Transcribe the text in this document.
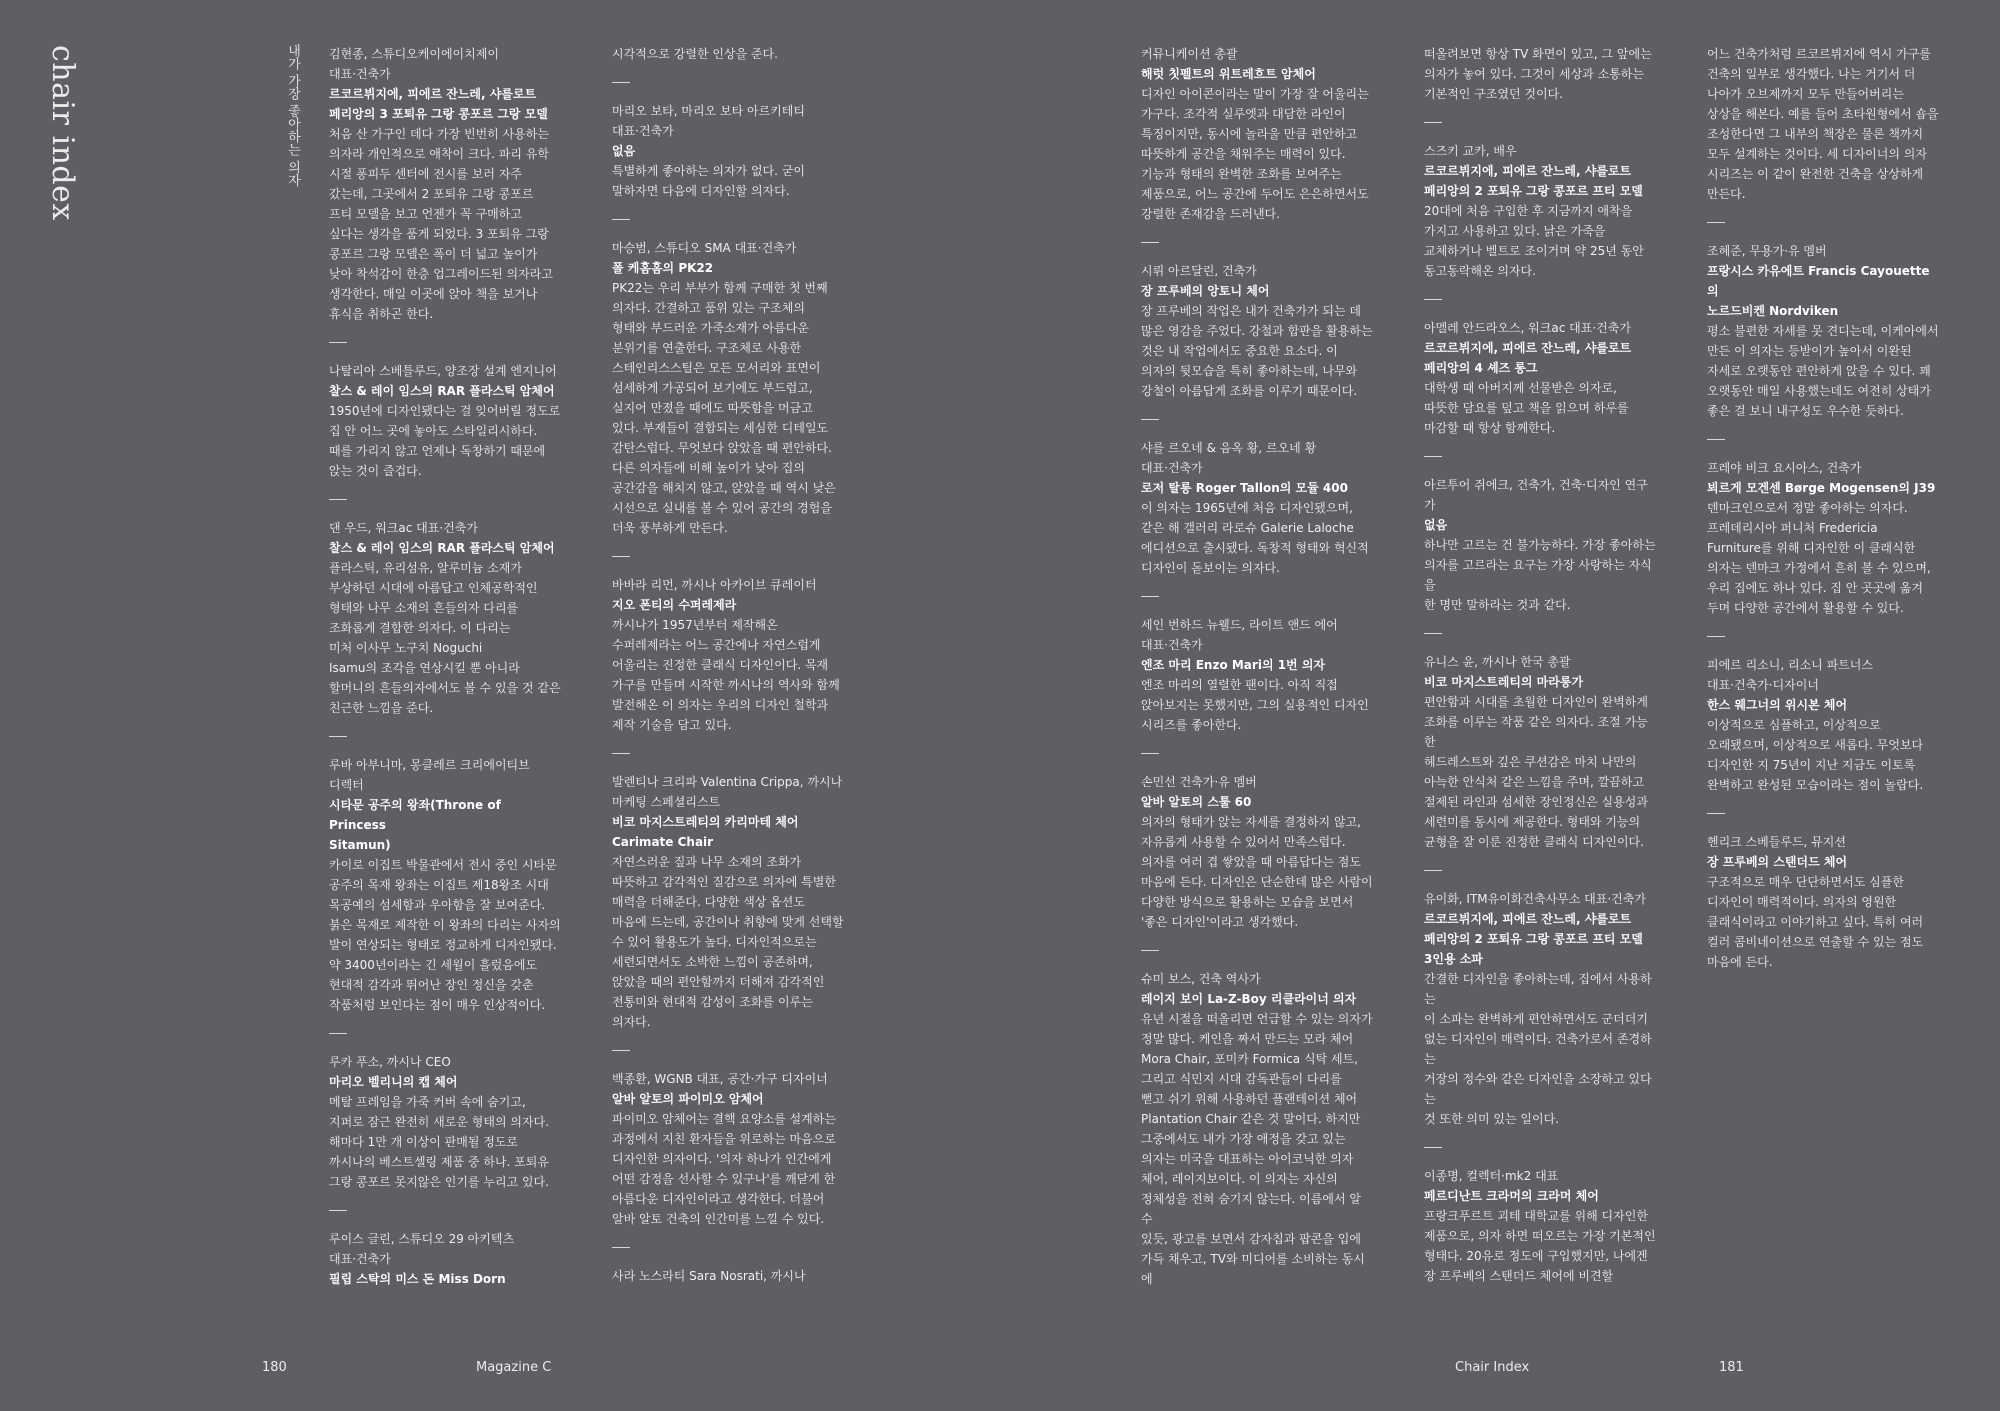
chair index	내가 가장 좋아하는 의자 김현종, 스튜디오케이에이치제이
대표·건축가
르코르뷔지에, 피에르 잔느레, 샤를로트
페리앙의 3 포퇴유 그랑 콩포르 그랑 모델
처음 산 가구인 데다 가장 빈번히 사용하는
의자라 개인적으로 애착이 크다. 파리 유학
시절 퐁피두 센터에 전시를 보러 자주
갔는데, 그곳에서 2 포퇴유 그랑 콩포르
프티 모델을 보고 언젠가 꼭 구매하고
싶다는 생각을 품게 되었다. 3 포퇴유 그랑
콩포르 그랑 모델은 폭이 더 넓고 높이가
낮아 착석감이 한층 업그레이드된 의자라고
생각한다. 매일 이곳에 앉아 책을 보거나
휴식을 취하곤 한다.
나탈리아 스베틀루드, 양조장 설계 엔지니어
찰스 & 레이 임스의 RAR 플라스틱 암체어
1950년에 디자인됐다는 걸 잊어버릴 정도로
집 안 어느 곳에 놓아도 스타일리시하다.
때를 가리지 않고 언제나 독창하기 때문에
앉는 것이 즐겁다.
댄 우드, 워크ac 대표·건축가
찰스 & 레이 임스의 RAR 플라스틱 암체어
플라스틱, 유리섬유, 알루미늄 소재가
부상하던 시대에 아름답고 인체공학적인
형태와 나무 소재의 흔들의자 다리를
조화롭게 결합한 의자다. 이 다리는
미처 이사무 노구치 Noguchi
Isamu의 조각을 연상시킬 뿐 아니라
할머니의 흔들의자에서도 볼 수 있을 것 같은
친근한 느낌을 준다.
루바 아부니마, 몽클레르 크리에이티브
디렉터
시타문 공주의 왕좌(Throne of Princess
Sitamun)
카이로 이집트 박물관에서 전시 중인 시타문
공주의 목재 왕좌는 이집트 제18왕조 시대
목공예의 섬세함과 우아함을 잘 보여준다.
붉은 목재로 제작한 이 왕좌의 다리는 사자의
발이 연상되는 형태로 정교하게 디자인됐다.
약 3400년이라는 긴 세월이 흘렀음에도
현대적 감각과 뛰어난 장인 정신을 갖춘
작품처럼 보인다는 점이 매우 인상적이다.
루카 푸소, 까시나 CEO
마리오 벨리니의 캡 체어
메탈 프레임을 가죽 커버 속에 숨기고,
지퍼로 잠근 완전히 새로운 형태의 의자다.
해마다 1만 개 이상이 판매될 정도로
까시나의 베스트셀링 제품 중 하나. 포퇴유
그랑 콩포르 못지않은 인기를 누리고 있다.
루이스 글린, 스튜디오 29 아키텍츠
대표·건축가
필립 스탁의 미스 돈 Miss Dorn
시각적으로 강렬한 인상을 준다.
마리오 보타, 마리오 보타 아르키테티
대표·건축가
없음
특별하게 좋아하는 의자가 없다. 굳이
말하자면 다음에 디자인할 의자다.
마승범, 스튜디오 SMA 대표·건축가
폴 케홈홈의 PK22
PK22는 우리 부부가 함께 구매한 첫 번째
의자다. 간결하고 품위 있는 구조체의
형태와 부드러운 가죽소재가 아름다운
분위기를 연출한다. 구조체로 사용한
스테인리스스틸은 모든 모서리와 표면이
섬세하게 가공되어 보기에도 부드럽고,
실지어 만졌을 때에도 따뜻함을 머금고
있다. 부재들이 결합되는 세심한 디테일도
감탄스럽다. 무엇보다 앉았을 때 편안하다.
다른 의자들에 비해 높이가 낮아 집의
공간감을 해치지 않고, 앉았을 때 역시 낮은
시선으로 실내를 볼 수 있어 공간의 경험을
더욱 풍부하게 만든다.
바바라 리먼, 까시나 아카이브 큐레이터
지오 폰티의 수퍼레제라
까시나가 1957년부터 제작해온
수퍼레제라는 어느 공간에나 자연스럽게
어울리는 진정한 클래식 디자인이다. 목재
가구를 만들며 시작한 까시나의 역사와 함께
발전해온 이 의자는 우리의 디자인 철학과
제작 기술을 담고 있다.
발렌티나 크리파 Valentina Crippa, 까시나
마케팅 스페셜리스트
비코 마지스트레티의 카리마테 체어
Carimate Chair
자연스러운 짚과 나무 소재의 조화가
따뜻하고 감각적인 질감으로 의자에 특별한
매력을 더해준다. 다양한 색상 옵션도
마음에 드는데, 공간이나 취향에 맞게 선택할
수 있어 활용도가 높다. 디자인적으로는
세련되면서도 소박한 느낌이 공존하며,
앉았을 때의 편안함까지 더해져 감각적인
전통미와 현대적 감성이 조화를 이루는
의자다.
백종환, WGNB 대표, 공간·가구 디자이너
알바 알토의 파이미오 암체어
파이미오 암체어는 결핵 요양소를 설계하는
과정에서 지친 환자들을 위로하는 마음으로
디자인한 의자이다. '의자 하나가 인간에게
어떤 감정을 선사할 수 있구나'를 깨닫게 한
아름다운 디자인이라고 생각한다. 더불어
알바 알토 건축의 인간미를 느낄 수 있다.
사라 노스라티 Sara Nosrati, 까시나
커뮤니케이션 총괄
해럿 칫펠트의 위트레흐트 암체어
디자인 아이콘이라는 말이 가장 잘 어울리는
가구다. 조각적 실루엣과 대담한 라인이
특징이지만, 동시에 놀라울 만큼 편안하고
따뜻하게 공간을 채워주는 매력이 있다.
기능과 형태의 완벽한 조화를 보여주는
제품으로, 어느 공간에 두어도 은은하면서도
강렬한 존재감을 드러낸다.
시뤼 아르달린, 건축가
장 프루베의 앙토니 체어
장 프루베의 작업은 내가 건축가가 되는 데
많은 영감을 주었다. 강철과 합판을 활용하는
것은 내 작업에서도 중요한 요소다. 이
의자의 뒷모습을 특히 좋아하는데, 나무와
강철이 아름답게 조화를 이루기 때문이다.
샤를 르오네 & 음옥 황, 르오네 황
대표·건축가
로저 탈롱 Roger Tallon의 모듈 400
이 의자는 1965년에 처음 디자인됐으며,
같은 해 갤러리 라로슈 Galerie Laloche
에디션으로 출시됐다. 독창적 형태와 혁신적
디자인이 돋보이는 의자다.
세인 번하드 뉴웰드, 라이트 앤드 에어
대표·건축가
엔조 마리 Enzo Mari의 1번 의자
엔조 마리의 열렬한 팬이다. 아직 직접
앉아보지는 못했지만, 그의 실용적인 디자인
시리즈를 좋아한다.
손민선 건축가·유 멤버
알바 알토의 스툴 60
의자의 형태가 앉는 자세를 결정하지 않고,
자유롭게 사용할 수 있어서 만족스럽다.
의자를 여러 겹 쌓았을 때 아름답다는 점도
마음에 든다. 디자인은 단순한데 많은 사람이
다양한 방식으로 활용하는 모습을 보면서
'좋은 디자인'이라고 생각했다.
슈미 보스, 건축 역사가
레이지 보이 La-Z-Boy 리클라이너 의자
유년 시절을 떠올리면 언급할 수 있는 의자가
정말 많다. 케인을 짜서 만드는 모라 체어
Mora Chair, 포미카 Formica 식탁 세트,
그리고 식민지 시대 감독관들이 다리를
뻗고 쉬기 위해 사용하던 플랜테이션 체어
Plantation Chair 같은 것 말이다. 하지만
그중에서도 내가 가장 애정을 갖고 있는
의자는 미국을 대표하는 아이코닉한 의자
체어, 레이지보이다. 이 의자는 자신의
정체성을 전혀 숨기지 않는다. 이름에서 알 수
있듯, 광고를 보면서 감자칩과 팝콘을 입에
가득 채우고, TV와 미디어를 소비하는 동시에
떠올려보면 항상 TV 화면이 있고, 그 앞에는
의자가 놓여 있다. 그것이 세상과 소통하는
기본적인 구조였던 것이다.
스즈키 교카, 배우
르코르뷔지에, 피에르 잔느레, 샤를로트
페리앙의 2 포퇴유 그랑 콩포르 프티 모델
20대에 처음 구입한 후 지금까지 애착을
가지고 사용하고 있다. 낡은 가죽을
교체하거나 벨트로 조이거며 약 25년 동안
동고동락해온 의자다.
아멜레 안드라오스, 워크ac 대표·건축가
르코르뷔지에, 피에르 잔느레, 샤를로트
페리앙의 4 셰즈 롱그
대학생 때 아버지께 선물받은 의자로,
따뜻한 담요를 덮고 책을 읽으며 하루를
마감할 때 항상 함께한다.
아르투어 쥐에크, 건축가, 건축·디자인 연구가
없음
하나만 고르는 건 불가능하다. 가장 좋아하는
의자를 고르라는 요구는 가장 사랑하는 자식을
한 명만 말하라는 것과 같다.
유니스 윤, 까시나 한국 총괄
비코 마지스트레티의 마라룽가
편안함과 시대를 초월한 디자인이 완벽하게
조화를 이루는 작품 같은 의자다. 조절 가능한
헤드레스트와 깊은 쿠션감은 마치 나만의
아늑한 안식처 같은 느낌을 주며, 깔끔하고
절제된 라인과 섬세한 장인정신은 실용성과
세련미를 동시에 제공한다. 형태와 기능의
균형을 잘 이룬 진정한 클래식 디자인이다.
유이화, ITM유이화건축사무소 대표·건축가
르코르뷔지에, 피에르 잔느레, 샤를로트
페리앙의 2 포퇴유 그랑 콩포르 프티 모델
3인용 소파
간결한 디자인을 좋아하는데, 집에서 사용하는
이 소파는 완벽하게 편안하면서도 군더더기
없는 디자인이 매력이다. 건축가로서 존경하는
거장의 정수와 같은 디자인을 소장하고 있다는
것 또한 의미 있는 일이다.
이종명, 컬렉터·mk2 대표
페르디난트 크라머의 크라머 체어
프랑크푸르트 괴테 대학교를 위해 디자인한
제품으로, 의자 하면 떠오르는 가장 기본적인
형태다. 20유로 정도에 구입했지만, 나에겐
장 프루베의 스탠더드 체어에 비견할
어느 건축가처럼 르코르뷔지에 역시 가구를
건축의 일부로 생각했다. 나는 거기서 더
나아가 오브제까지 모두 만들어버리는
상상을 해본다. 예를 들어 초타원형에서 숍을
조성한다면 그 내부의 책장은 물론 책까지
모두 설계하는 것이다. 세 디자이너의 의자
시리즈는 이 같이 완전한 건축을 상상하게
만든다.
조혜준, 무용가·유 멤버
프랑시스 카유에트 Francis Cayouette의
노르드비켄 Nordviken
평소 불편한 자세를 못 견디는데, 이케아에서
만든 이 의자는 등받이가 높아서 이완된
자세로 오랫동안 편안하게 앉을 수 있다. 꽤
오랫동안 매일 사용했는데도 여전히 상태가
좋은 걸 보니 내구성도 우수한 듯하다.
프레야 비크 요시아스, 건축가
뵈르게 모겐센 Børge Mogensen의 J39
덴마크인으로서 정말 좋아하는 의자다.
프레데리시아 퍼니처 Fredericia
Furniture를 위해 디자인한 이 클래식한
의자는 덴마크 가정에서 흔히 볼 수 있으며,
우리 집에도 하나 있다. 집 안 곳곳에 옮겨
두며 다양한 공간에서 활용할 수 있다.
피에르 리소니, 리소니 파트너스
대표·건축가·디자이너
한스 웨그너의 위시본 체어
이상적으로 심플하고, 이상적으로
오래됐으며, 이상적으로 새롭다. 무엇보다
디자인한 지 75년이 지난 지금도 이토록
완벽하고 완성된 모습이라는 점이 놀랍다.
헨리크 스베들루드, 뮤지션
장 프루베의 스탠더드 체어
구조적으로 매우 단단하면서도 심플한
디자인이 매력적이다. 의자의 영원한
클래식이라고 이야기하고 싶다. 특히 여러
컬러 콤비네이션으로 연출할 수 있는 점도
마음에 든다.
180	Magazine C	Chair Index	181
